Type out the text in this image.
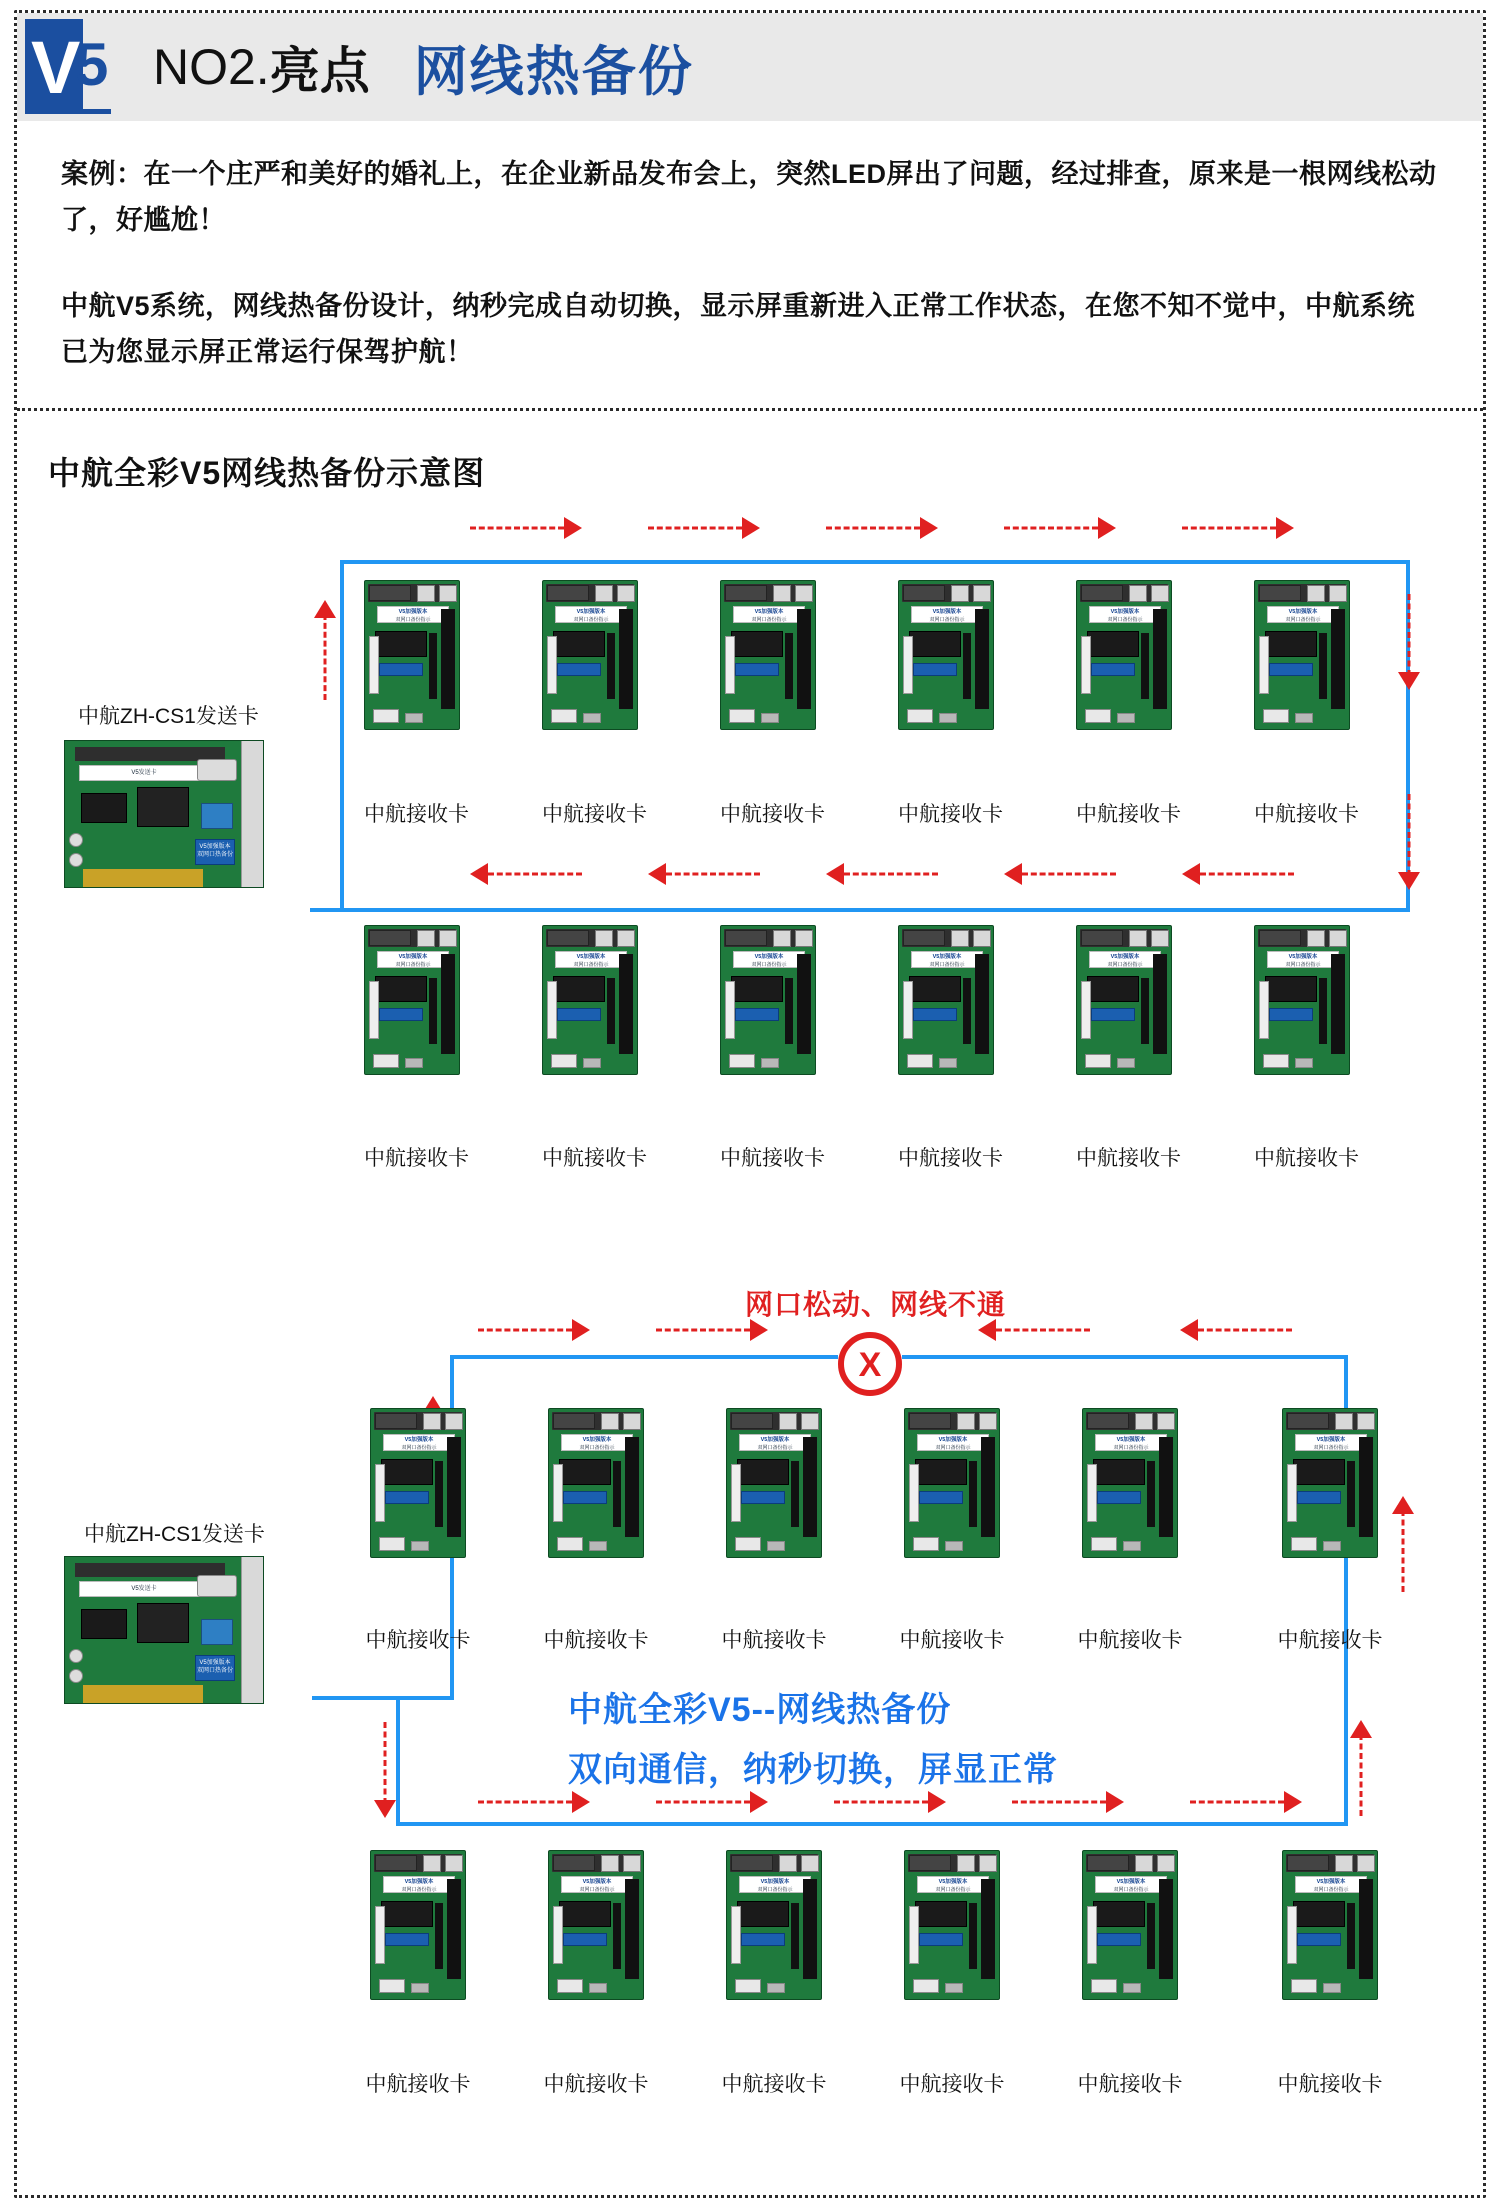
V
5 NO2. 亮点 网线热备份
案例：在一个庄严和美好的婚礼上，在企业新品发布会上，突然LED屏出了问题，经过排查，原来是一根网线松动了，好尴尬！
中航V5系统，网线热备份设计，纳秒完成自动切换，显示屏重新进入正常工作状态，在您不知不觉中，中航系统已为您显示屏正常运行保驾护航！
中航全彩V5网线热备份示意图
中航ZH-CS1发送卡
V5发送卡
V5加强版本 双网口热备份
V5加强版本
双网口备份指示
V5加强版本
双网口备份指示
V5加强版本
双网口备份指示
V5加强版本
双网口备份指示
V5加强版本
双网口备份指示
V5加强版本
双网口备份指示
中航接收卡	中航接收卡	中航接收卡	中航接收卡	中航接收卡	中航接收卡
V5加强版本
双网口备份指示
V5加强版本
双网口备份指示
V5加强版本
双网口备份指示
V5加强版本
双网口备份指示
V5加强版本
双网口备份指示
V5加强版本
双网口备份指示
中航接收卡	中航接收卡	中航接收卡	中航接收卡	中航接收卡	中航接收卡
网口松动、网线不通
X
中航ZH-CS1发送卡
V5发送卡
V5加强版本 双网口热备份
V5加强版本
双网口备份指示
V5加强版本
双网口备份指示
V5加强版本
双网口备份指示
V5加强版本
双网口备份指示
V5加强版本
双网口备份指示
V5加强版本
双网口备份指示
中航接收卡	中航接收卡	中航接收卡	中航接收卡	中航接收卡	中航接收卡
中航全彩V5--网线热备份
双向通信，纳秒切换，屏显正常
V5加强版本
双网口备份指示
V5加强版本
双网口备份指示
V5加强版本
双网口备份指示
V5加强版本
双网口备份指示
V5加强版本
双网口备份指示
V5加强版本
双网口备份指示
中航接收卡	中航接收卡	中航接收卡	中航接收卡	中航接收卡	中航接收卡
